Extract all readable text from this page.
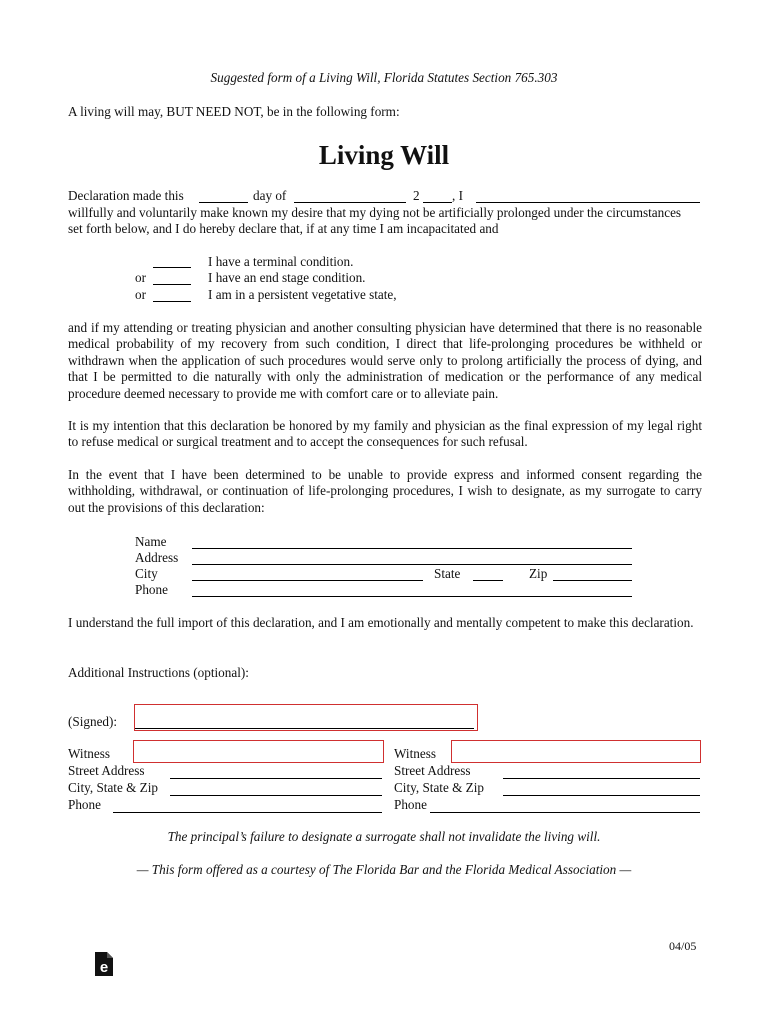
Suggested form of a Living Will, Florida Statutes Section 765.303
A living will may, BUT NEED NOT, be in the following form:
Living Will
Declaration made this	day of	2 , I
willfully and voluntarily make known my desire that my dying not be artificially prolonged under the circumstances
set forth below, and I do hereby declare that, if at any time I am incapacitated and
I have a terminal condition.
or	I have an end stage condition.
or	I am in a persistent vegetative state,

and if my attending or treating physician and another consulting physician have determined that there is no reasonable medical probability of my recovery from such condition, I direct that life-prolonging procedures be withheld or withdrawn when the application of such procedures would serve only to prolong artificially the process of dying, and that I be permitted to die naturally with only the administration of medication or the performance of any medical procedure deemed necessary to provide me with comfort care or to alleviate pain.

It is my intention that this declaration be honored by my family and physician as the final expression of my legal right to refuse medical or surgical treatment and to accept the consequences for such refusal.

In the event that I have been determined to be unable to provide express and informed consent regarding the withholding, withdrawal, or continuation of life-prolonging procedures, I wish to designate, as my surrogate to carry out the provisions of this declaration:

Name
Address
City	State	Zip
Phone

I understand the full import of this declaration, and I am emotionally and mentally competent to make this declaration.

Additional Instructions (optional):
(Signed):
Witness
Street Address
City, State & Zip
Phone
Witness
Street Address
City, State & Zip
Phone
The principal’s failure to designate a surrogate shall not invalidate the living will.
— This form offered as a courtesy of The Florida Bar and the Florida Medical Association —
04/05
e
